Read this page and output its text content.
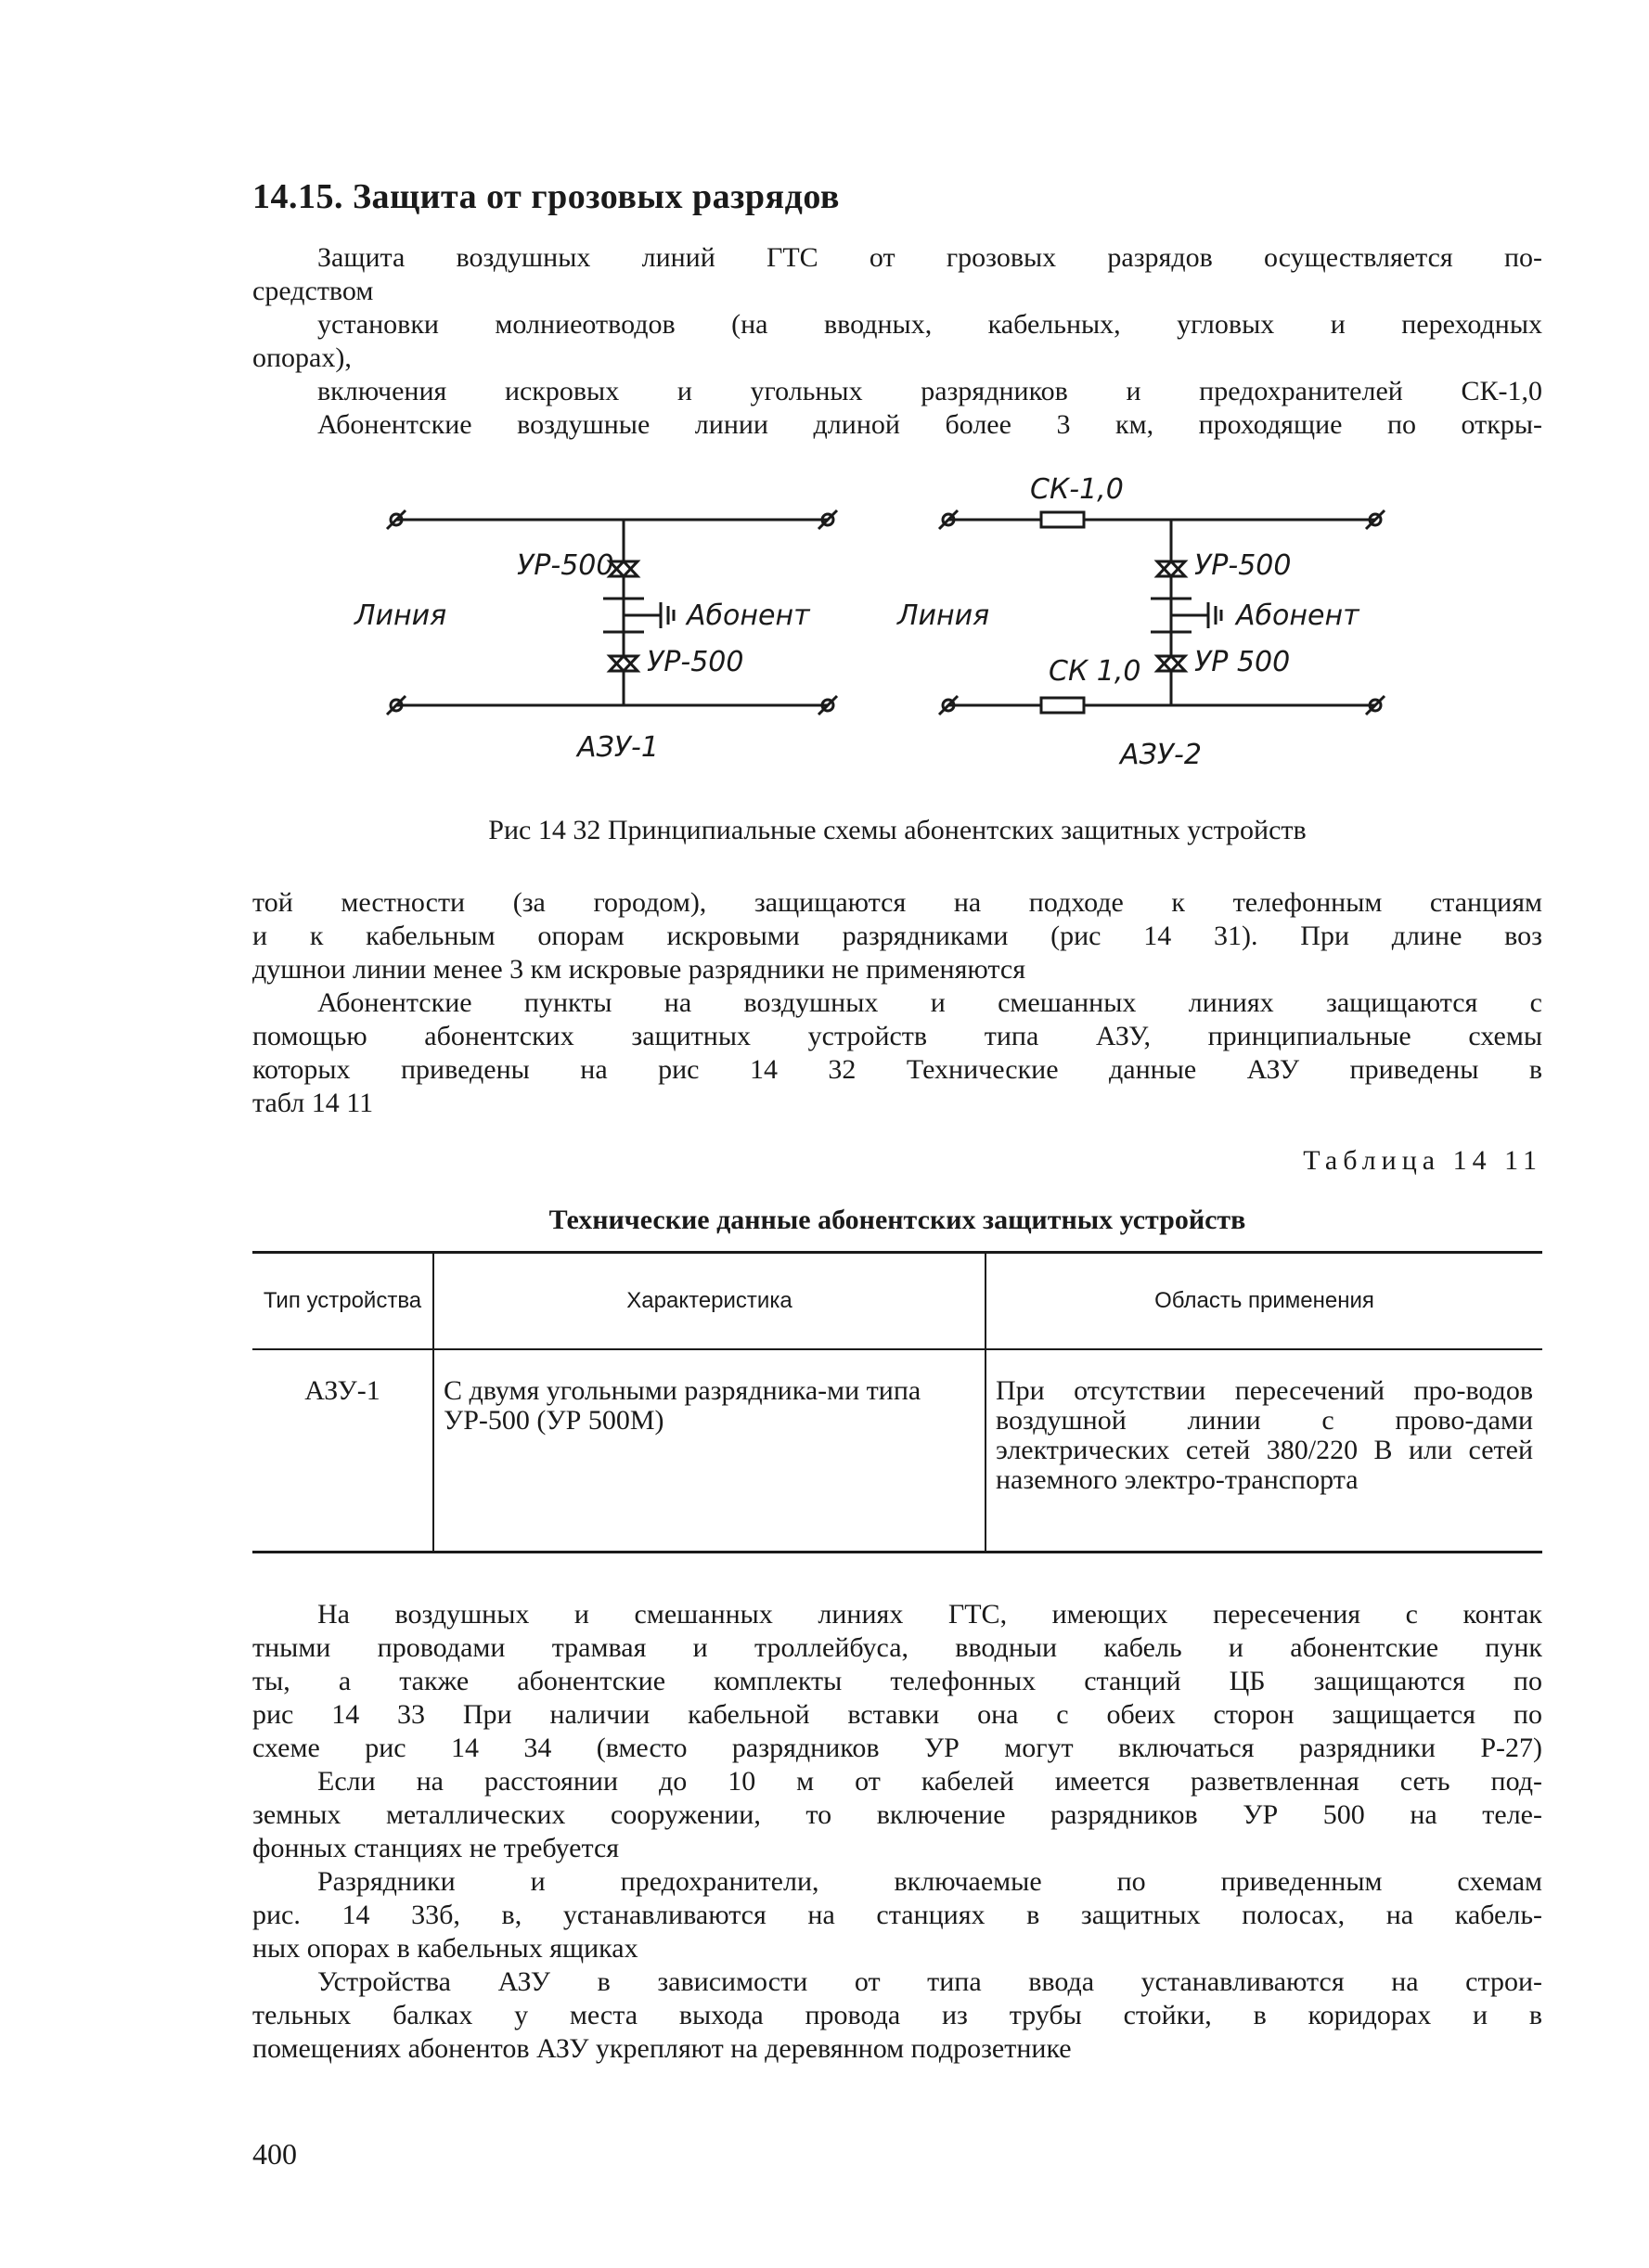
14.15. Защита от грозовых разрядов
Защита воздушных линий ГТС от грозовых разрядов осуществляется по-
средством
установки молниеотводов (на вводных, кабельных, угловых и переходных
опорах),
включения искровых и угольных разрядников и предохранителей СК-1,0
Абонентские воздушные линии длиной более 3 км, проходящие по откры-
УР-500
Линия	Абонент
УР-500
АЗУ-1
СК-1,0
УР-500
Линия	Абонент
СК 1,0 УР 500
АЗУ-2

Рис 14 32 Принципиальные схемы абонентских защитных устройств

той местности (за городом), защищаются на подходе к телефонным станциям
и к кабельным опорам искровыми разрядниками (рис 14 31). При длине воз
душнои линии менее 3 км искровые разрядники не применяются
Абонентские пункты на воздушных и смешанных линиях защищаются с
помощью абонентских защитных устройств типа АЗУ, принципиальные схемы
которых приведены на рис 14 32 Технические данные АЗУ приведены в
табл 14 11

Таблица 14 11

Технические данные абонентских защитных устройств

Тип устройства	Характеристика	Область применения
АЗУ-1	С двумя угольными разрядника-ми типа УР-500 (УР 500М)	При отсутствии пересечений про-водов воздушной линии с прово-дами электрических сетей 380/220 В или сетей наземного электро-транспорта
На воздушных и смешанных линиях ГТС, имеющих пересечения с контак
тными проводами трамвая и троллейбуса, вводныи кабель и абонентские пунк
ты, а также абонентские комплекты телефонных станций ЦБ защищаются по
рис 14 33 При наличии кабельной вставки она с обеих сторон защищается по
схеме рис 14 34 (вместо разрядников УР могут включаться разрядники Р-27)
Если на расстоянии до 10 м от кабелей имеется разветвленная сеть под-
земных металлических сооружении, то включение разрядников УР 500 на теле-
фонных станциях не требуется
Разрядники и предохранители, включаемые по приведенным схемам
рис. 14 33б, в, устанавливаются на станциях в защитных полосах, на кабель-
ных опорах в кабельных ящиках
Устройства АЗУ в зависимости от типа ввода устанавливаются на строи-
тельных балках у места выхода провода из трубы стойки, в коридорах и в
помещениях абонентов АЗУ укрепляют на деревянном подрозетнике

400
